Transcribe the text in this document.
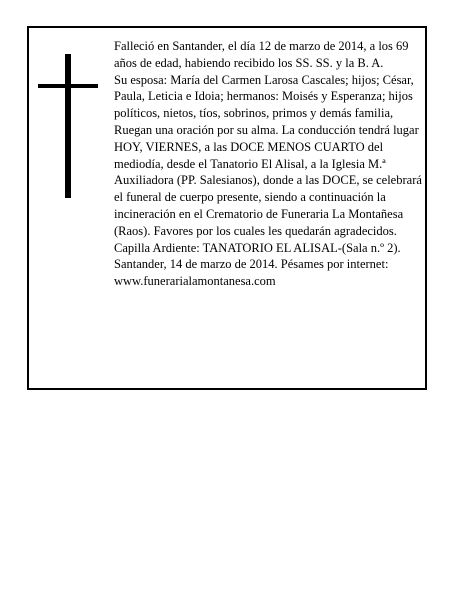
Falleció en Santander, el día 12 de marzo de 2014, a los 69 años de edad, habiendo recibido los SS. SS. y la B. A.

Su esposa: María del Carmen Larosa Cascales; hijos; César, Paula, Leticia e Idoia; hermanos: Moisés y Esperanza; hijos políticos, nietos, tíos, sobrinos, primos y demás familia,

Ruegan una oración por su alma. La conducción tendrá lugar HOY, VIERNES, a las DOCE MENOS CUARTO del mediodía, desde el Tanatorio El Alisal, a la Iglesia M.ª Auxiliadora (PP. Salesianos), donde a las DOCE, se celebrará el funeral de cuerpo presente, siendo a continuación la incineración en el Crematorio de Funeraria La Montañesa (Raos). Favores por los cuales les quedarán agradecidos. Capilla Ardiente: TANATORIO EL ALISAL-(Sala n.º 2).

Santander, 14 de marzo de 2014. Pésames por internet: www.funerarialamontanesa.com
